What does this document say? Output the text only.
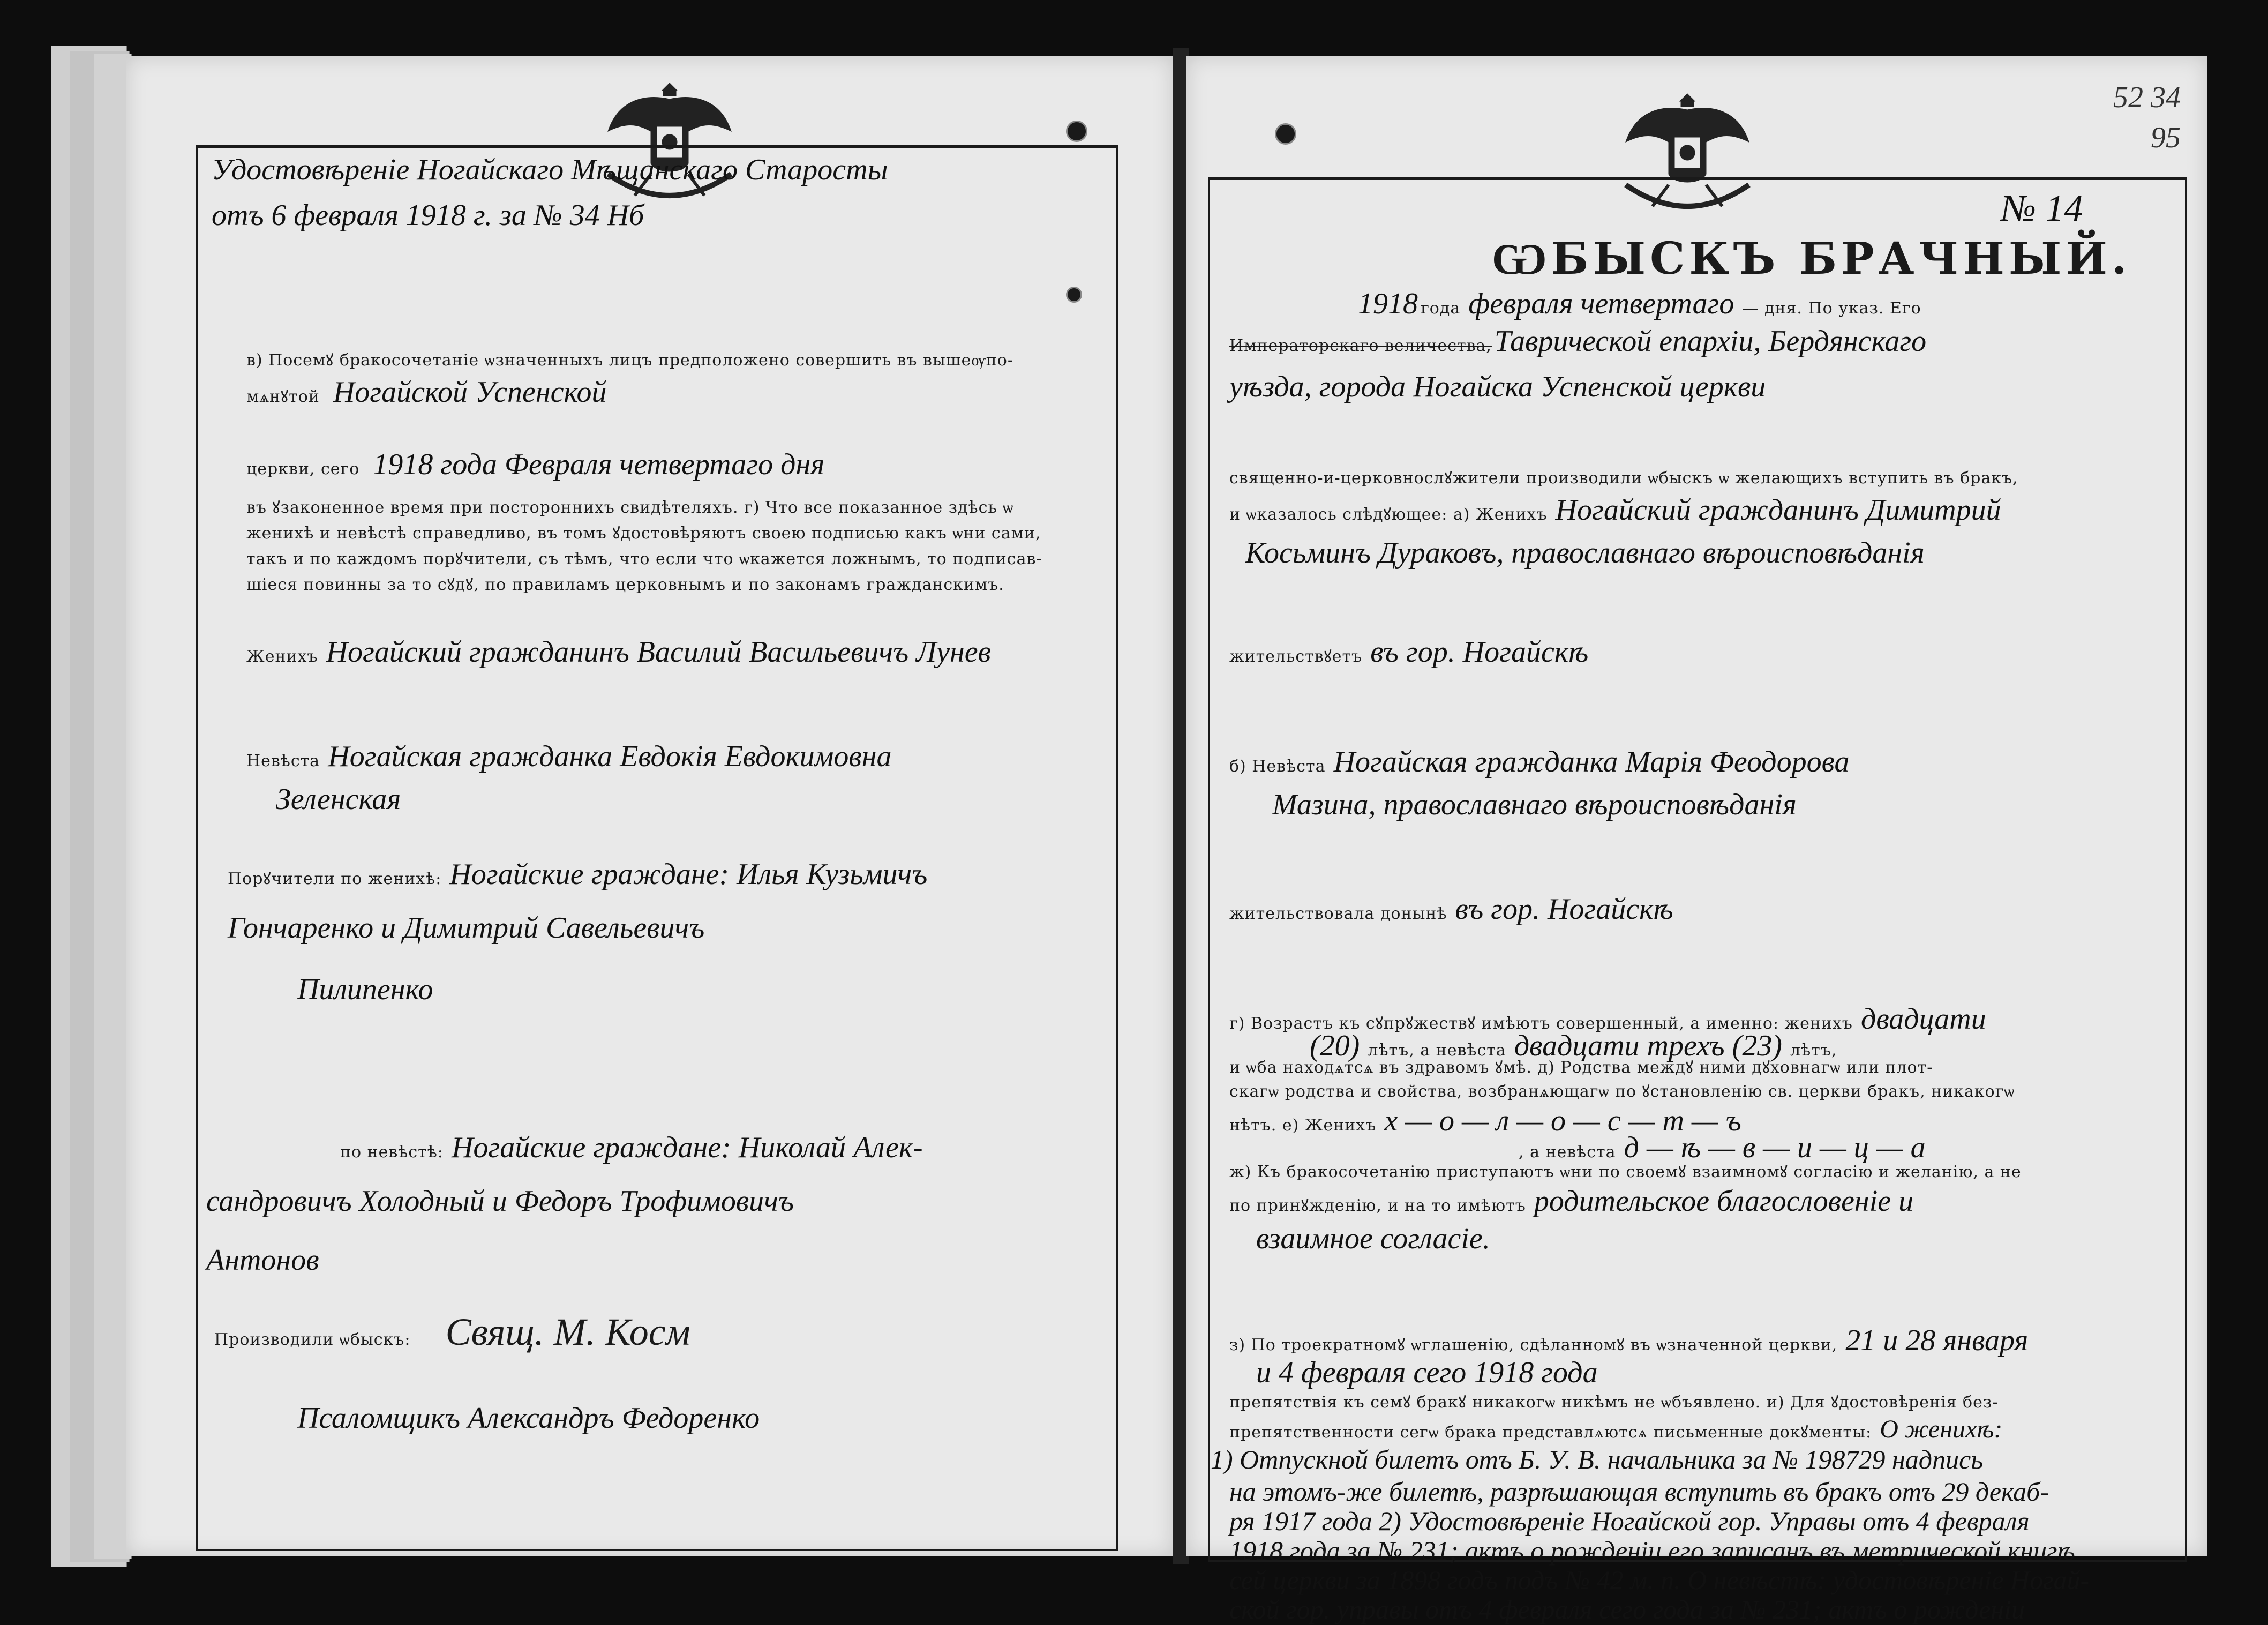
Удостовѣренiе Ногайскаго Мѣщанскаго Старосты
отъ 6 февраля 1918 г. за № 34 Нб
в) Посемꙋ бракосочетанiе ѡзначенныхъ лицъ предположено совершить въ вышеѹпо-
мѧнꙋтой Ногайской Успенской
церкви, сего 1918 года Февраля четвертаго дня
въ ꙋзаконенное время при постороннихъ свидѣтеляхъ. г) Что все показанное здѣсь ѡ
женихѣ и невѣстѣ справедливо, въ томъ ꙋдостовѣряютъ своею подписью какъ ѡни сами,
такъ и по каждомъ порꙋчители, съ тѣмъ, что если что ѡкажется ложнымъ, то подписав-
шiеся повинны за то сꙋдꙋ, по правиламъ церковнымъ и по законамъ гражданскимъ.
Женихъ Ногайский гражданинъ Василий Васильевичъ Лунев
Невѣста Ногайская гражданка Евдокія Евдокимовна
Зеленская
Порꙋчители по женихѣ: Ногайские граждане: Илья Кузьмичъ
Гончаренко и Димитрий Савельевичъ
Пилипенко
по невѣстѣ: Ногайские граждане: Николай Алек-
сандровичъ Холодный и Федоръ Трофимовичъ
Антонов
Производили ѡбыскъ: Свящ. М. Косм
Псаломщикъ Александръ Федоренко
52 34
95
№ 14
ѠБЫСКЪ БРАЧНЫЙ.
1918 года февраля четвертаго — дня. По указ. Его
Императорскаго величества, Таврической епархiи, Бердянскаго
уѣзда, города Ногайска Успенской церкви
священно-и-церковнослꙋжители производили ѡбыскъ ѡ желающихъ вступить въ бракъ,
и ѡказалось слѣдꙋющее: а) Женихъ Ногайский гражданинъ Димитрий
Косьминъ Дураковъ, православнаго вѣроисповѣданiя
жительствꙋетъ въ гор. Ногайскѣ
б) Невѣста Ногайская гражданка Марiя Феодорова
Мазина, православнаго вѣроисповѣданiя
жительствовала донынѣ въ гор. Ногайскѣ
г) Возрастъ къ сꙋпрꙋжествꙋ имѣютъ совершенный, а именно: женихъ двадцати
(20) лѣтъ, а невѣста двадцати трехъ (23) лѣтъ,
и ѡба находѧтсѧ въ здравомъ ꙋмѣ. д) Родства междꙋ ними дꙋховнагѡ или плот-
скагѡ родства и свойства, возбранѧющагѡ по ꙋстановленiю св. церкви бракъ, никакогѡ
нѣтъ. е) Женихъ х — о — л — о — с — т — ъ
, а невѣста д — ѣ — в — и — ц — а
ж) Къ бракосочетанiю приступаютъ ѡни по своемꙋ взаимномꙋ согласiю и желанiю, а не
по принꙋжденiю, и на то имѣютъ родительское благословенiе и
взаимное согласiе.
з) По троекратномꙋ ѡглашенiю, сдѣланномꙋ въ ѡзначенной церкви, 21 и 28 января
и 4 февраля сего 1918 года
препятствiя къ семꙋ бракꙋ никакогѡ никѣмъ не ѡбъявлено. и) Для ꙋдостовѣренiя без-
препятственности сегѡ брака представлѧютсѧ письменные докꙋменты: О женихѣ:
1) Отпускной билетъ отъ Б. У. В. начальника за № 198729 надпись
на этомъ-же билетѣ, разрѣшающая вступить въ бракъ отъ 29 декаб-
ря 1917 года 2) Удостовѣренiе Ногайской гор. Управы отъ 4 февраля
1918 года за № 231; актъ о рожденiи его записанъ въ метрической книгѣ
сей церкви за 1898 годъ подъ № 42 м. п. О невѣстѣ: удостовѣренiе Ногай-
ской гор. управы отъ 4 февраля сего года за № 231; актъ о рожденiи
